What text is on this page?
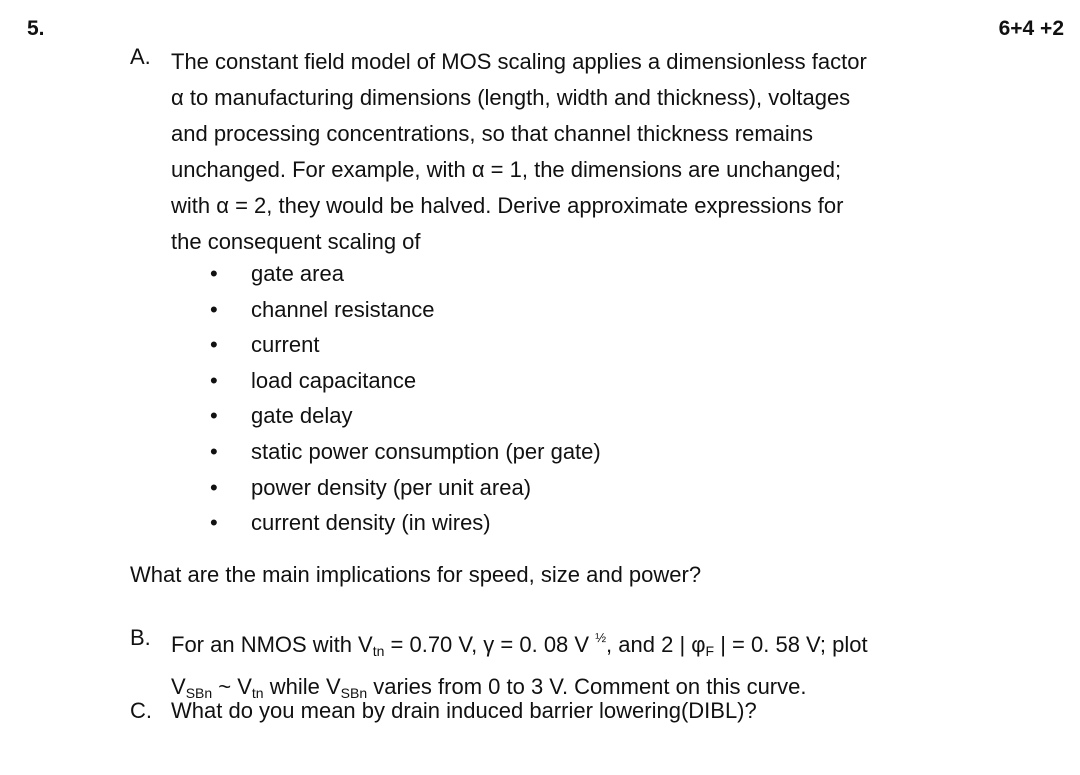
5.	6+4 +2
A. The constant field model of MOS scaling applies a dimensionless factor
α to manufacturing dimensions (length, width and thickness), voltages
and processing concentrations, so that channel thickness remains
unchanged. For example, with α = 1, the dimensions are unchanged;
with α = 2, they would be halved. Derive approximate expressions for
the consequent scaling of
• gate area
• channel resistance
• current
• load capacitance
• gate delay
• static power consumption (per gate)
• power density (per unit area)
• current density (in wires)
What are the main implications for speed, size and power?
B. For an NMOS with $V_{tn} = 0.70$ V, γ = 0. 08 V $^{\frac{1}{2}}$, and 2 | $\varphi_F$ | = 0. 58 V; plot
$V_{SBn}$ ~ $V_{tn}$ while $V_{SBn}$ varies from 0 to 3 V. Comment on this curve.
C. What do you mean by drain induced barrier lowering(DIBL)?
